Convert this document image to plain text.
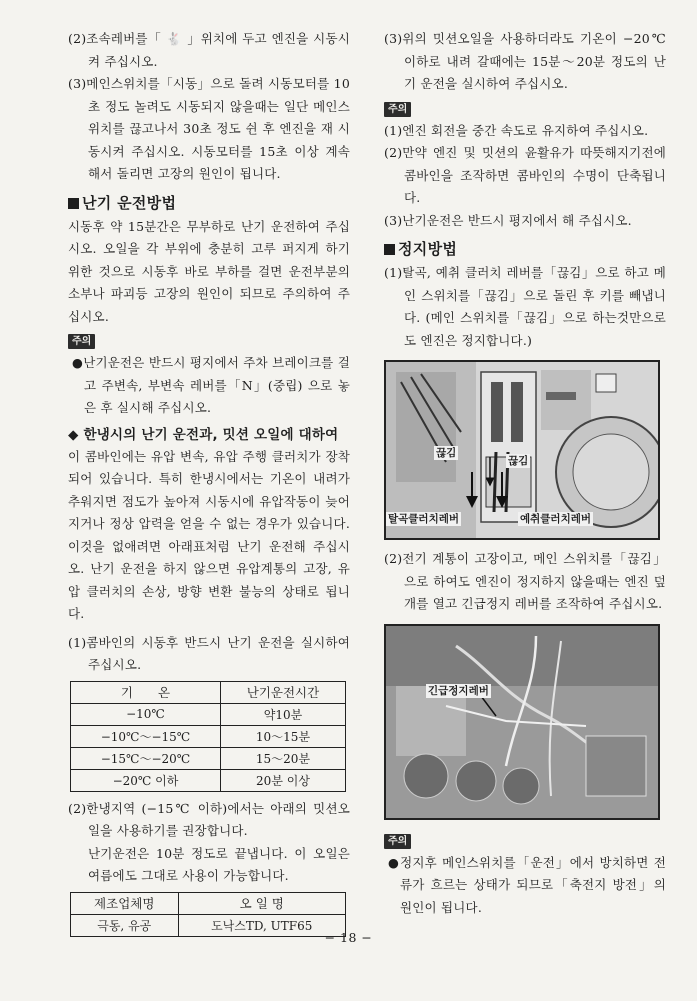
(2)조속레버를「 🐇 」위치에 두고 엔진을 시동시켜 주십시오.

(3)메인스위치를「시동」으로 돌려 시동모터를 10초 정도 놀려도 시동되지 않을때는 일단 메인스위치를 끊고나서 30초 정도 쉰 후 엔진을 재 시동시켜 주십시오. 시동모터를 15초 이상 계속해서 돌리면 고장의 원인이 됩니다.

난기 운전방법

시동후 약 15분간은 무부하로 난기 운전하여 주십시오. 오일을 각 부위에 충분히 고루 퍼지게 하기 위한 것으로 시동후 바로 부하를 걸면 운전부분의 소부나 파괴등 고장의 원인이 되므로 주의하여 주십시오.

주의

●난기운전은 반드시 평지에서 주차 브레이크를 걸고 주변속, 부변속 레버를「N」(중립) 으로 놓은 후 실시해 주십시오.

◆ 한냉시의 난기 운전과, 밋션 오일에 대하여

이 콤바인에는 유압 변속, 유압 주행 클러치가 장착되어 있습니다. 특히 한냉시에서는 기온이 내려가 추워지면 점도가 높아져 시동시에 유압작동이 늦어지거나 정상 압력을 얻을 수 없는 경우가 있습니다. 이것을 없애려면 아래표처럼 난기 운전해 주십시오. 난기 운전을 하지 않으면 유압계통의 고장, 유압 클러치의 손상, 방향 변환 불능의 상태로 됩니다.

(1)콤바인의 시동후 반드시 난기 운전을 실시하여 주십시오.

기　　온	난기운전시간
−10℃	약10분
−10℃～−15℃	10～15분
−15℃～−20℃	15～20분
−20℃ 이하	20분 이상

(2)한냉지역 (−15℃ 이하)에서는 아래의 밋션오일을 사용하기를 권장합니다.

난기운전은 10분 정도로 끝냅니다. 이 오일은 여름에도 그대로 사용이 가능합니다.

제조업체명	오 일 명
극동, 유공	도낙스TD, UTF65

(3)위의 밋션오일을 사용하더라도 기온이 −20℃ 이하로 내려 갈때에는 15분～20분 정도의 난기 운전을 실시하여 주십시오.

주의

(1)엔진 회전을 중간 속도로 유지하여 주십시오.

(2)만약 엔진 및 밋션의 윤활유가 따뜻해지기전에 콤바인을 조작하면 콤바인의 수명이 단축됩니다.

(3)난기운전은 반드시 평지에서 해 주십시오.

정지방법

(1)탈곡, 예취 클러치 레버를「끊김」으로 하고 메인 스위치를「끊김」으로 돌린 후 키를 빼냅니다. (메인 스위치를「끊김」으로 하는것만으로도 엔진은 정지합니다.)

끊김
끊김
탈곡클러치레버	예취클러치레버

(2)전기 계통이 고장이고, 메인 스위치를「끊김」으로 하여도 엔진이 정지하지 않을때는 엔진 덮개를 열고 긴급정지 레버를 조작하여 주십시오.

긴급정지레버
주의

●정지후 메인스위치를「운전」에서 방치하면 전류가 흐르는 상태가 되므로「축전지 방전」의 원인이 됩니다.

− 18 −
